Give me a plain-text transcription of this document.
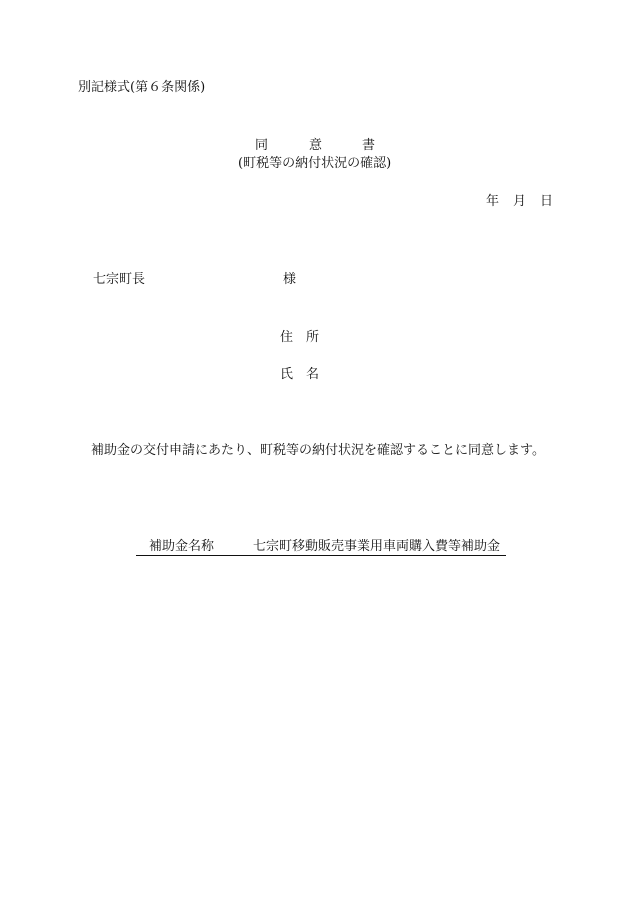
別記様式(第６条関係)
同	意	書
(町税等の納付状況の確認)
年 月 日
七宗町長	様
住 所
氏 名
補助金の交付申請にあたり、町税等の納付状況を確認することに同意します。
補助金名称	七宗町移動販売事業用車両購入費等補助金
